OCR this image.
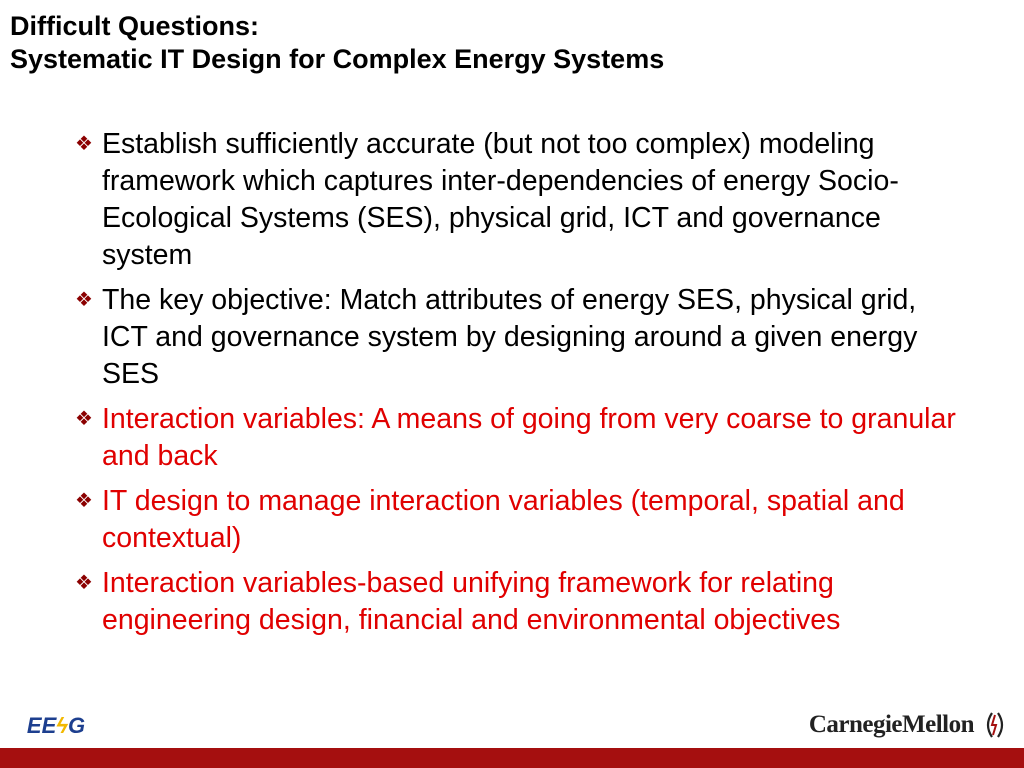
Difficult Questions:
Systematic IT Design for Complex Energy Systems
❖ Establish sufficiently accurate (but not too complex) modeling framework which captures inter-dependencies of energy Socio-Ecological Systems (SES), physical grid, ICT and governance system
❖ The key objective: Match attributes of energy SES, physical grid, ICT and governance system by designing around a given energy SES
❖ Interaction variables: A means of going from very coarse to granular and back
❖ IT design to manage interaction variables (temporal, spatial and contextual)
❖ Interaction variables-based unifying framework for relating engineering design, financial and environmental objectives
EEϟG	CarnegieMellon
